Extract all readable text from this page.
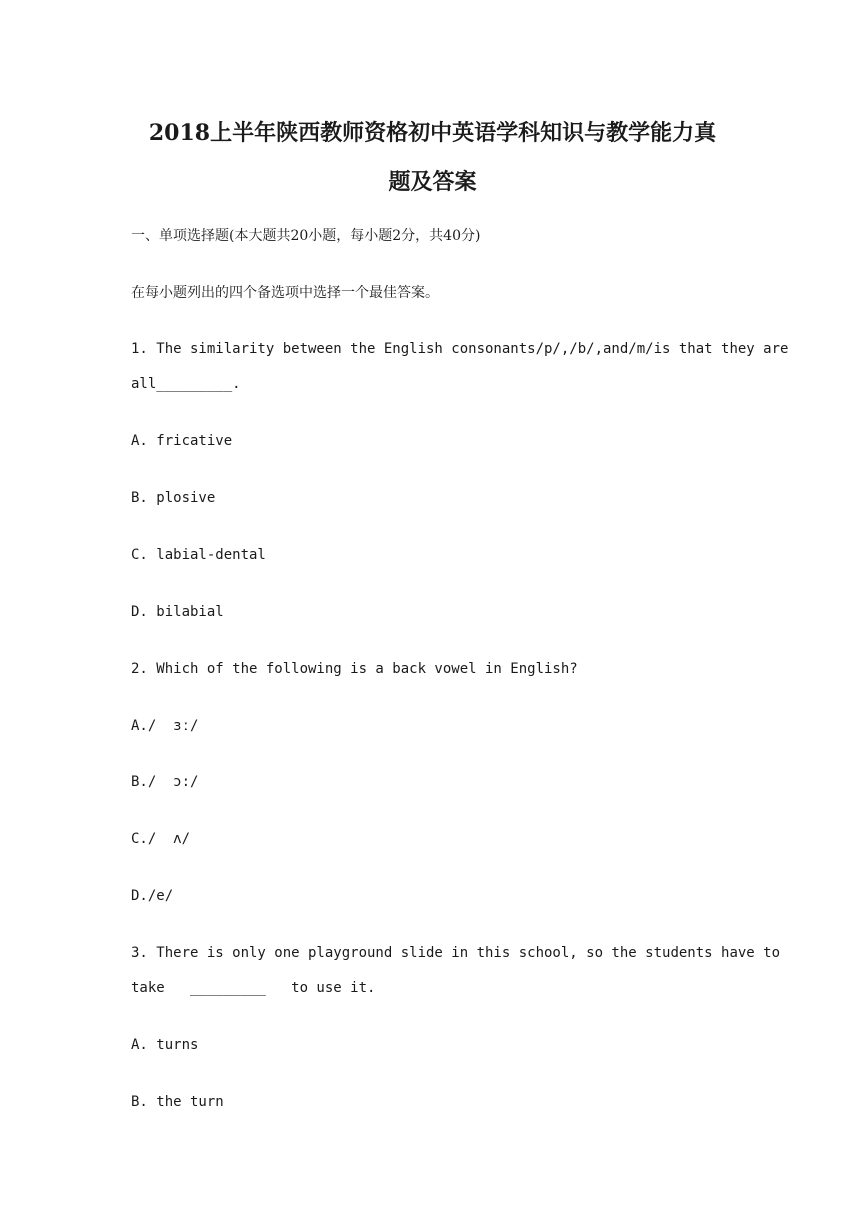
2018上半年陕西教师资格初中英语学科知识与教学能力真
题及答案
一、单项选择题(本大题共20小题，每小题2分，共40分)
在每小题列出的四个备选项中选择一个最佳答案。
1. The similarity between the English consonants/p/,/b/,and/m/is that they are
all_________.
A. fricative
B. plosive
C. labial-dental
D. bilabial
2. Which of the following is a back vowel in English?
A./  ɜː/
B./  ɔ:/
C./  ʌ/
D./e/
3. There is only one playground slide in this school, so the students have to
take   _________   to use it.
A. turns
B. the turn
